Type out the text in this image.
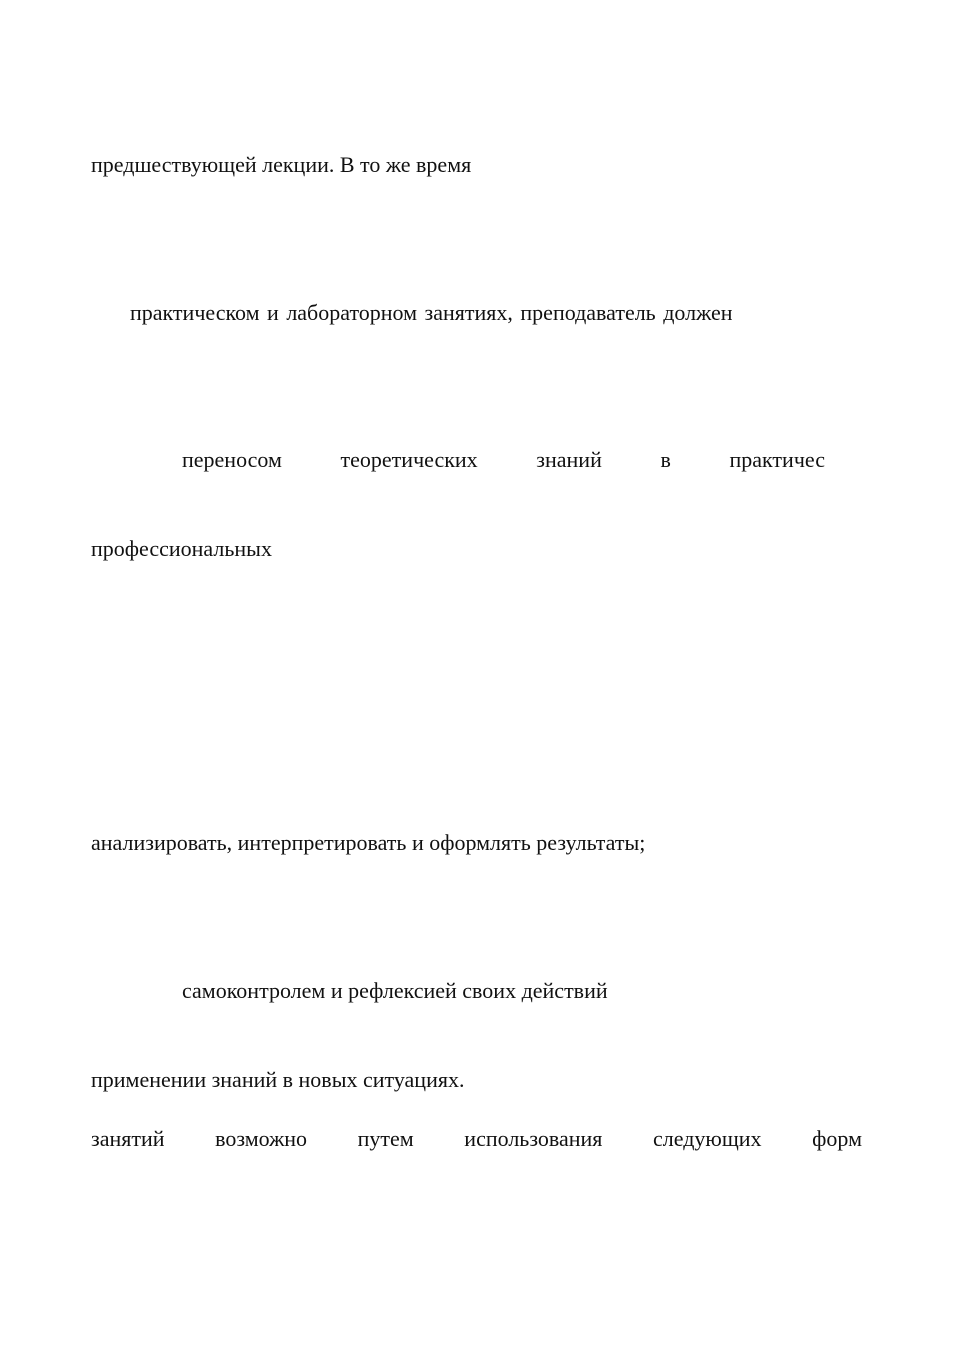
предшествующей лекции. В то же время

практическом и лабораторном занятиях, преподаватель должен

переносом	теоретических	знаний	в	практичес

профессиональных

анализировать, интерпретировать и оформлять результаты;

самоконтролем и рефлексией своих действий

применении знаний в новых ситуациях.

занятий возможно путем использования следующих форм
